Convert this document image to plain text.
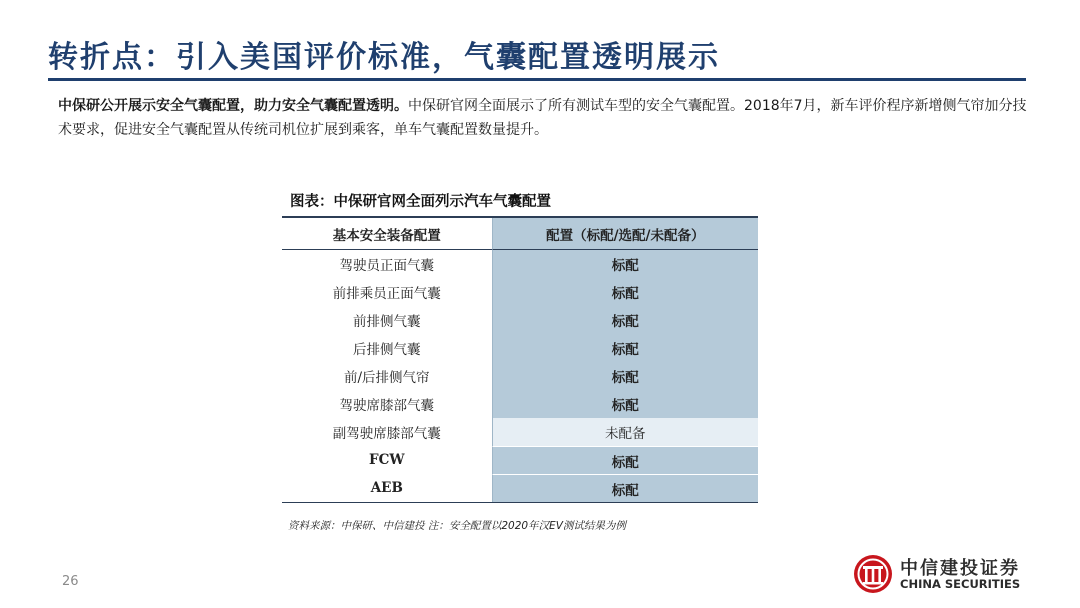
转折点：引入美国评价标准，气囊配置透明展示
中保研公开展示安全气囊配置，助力安全气囊配置透明。中保研官网全面展示了所有测试车型的安全气囊配置。2018年7月，新车评价程序新增侧气帘加分技术要求，促进安全气囊配置从传统司机位扩展到乘客，单车气囊配置数量提升。
图表：中保研官网全面列示汽车气囊配置
基本安全装备配置	配置（标配/选配/未配备）
驾驶员正面气囊	标配
前排乘员正面气囊	标配
前排侧气囊	标配
后排侧气囊	标配
前/后排侧气帘	标配
驾驶席膝部气囊	标配
副驾驶席膝部气囊	未配备
FCW	标配
AEB	标配
资料来源：中保研、中信建投 注：安全配置以2020年汉EV测试结果为例
26
中信建投证券
CHINA SECURITIES
